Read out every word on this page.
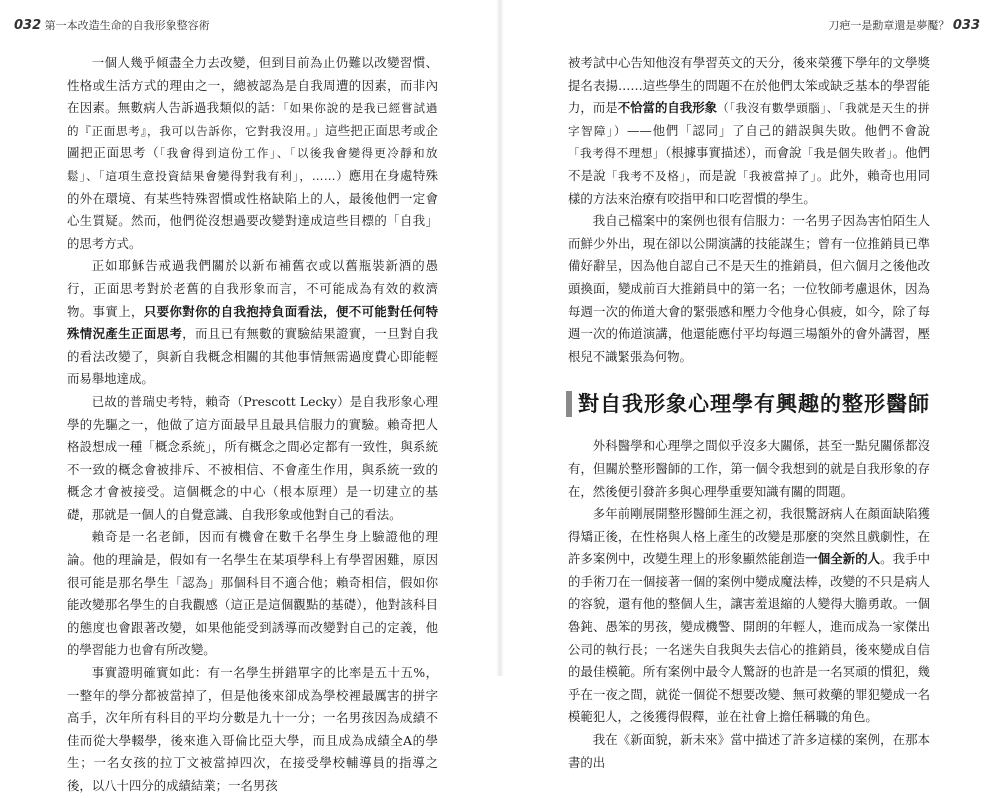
032 第一本改造生命的自我形象整容術

一個人幾乎傾盡全力去改變，但到目前為止仍難以改變習慣、性格或生活方式的理由之一，總被認為是自我周遭的因素，而非內在因素。無數病人告訴過我類似的話：「如果你說的是我已經嘗試過的『正面思考』，我可以告訴你，它對我沒用。」這些把正面思考或企圖把正面思考（「我會得到這份工作」、「以後我會變得更冷靜和放鬆」、「這項生意投資結果會變得對我有利」，……）應用在身處特殊的外在環境、有某些特殊習慣或性格缺陷上的人，最後他們一定會心生質疑。然而，他們從沒想過要改變對達成這些目標的「自我」的思考方式。

正如耶穌告戒過我們關於以新布補舊衣或以舊瓶裝新酒的愚行，正面思考對於老舊的自我形象而言，不可能成為有效的救濟物。事實上，只要你對你的自我抱持負面看法，便不可能對任何特殊情況產生正面思考，而且已有無數的實驗結果證實，一旦對自我的看法改變了，與新自我概念相關的其他事情無需過度費心即能輕而易舉地達成。

已故的普瑞史考特，賴奇（Prescott Lecky）是自我形象心理學的先驅之一，他做了這方面最早且最具信服力的實驗。賴奇把人格設想成一種「概念系統」，所有概念之間必定都有一致性，與系統不一致的概念會被排斥、不被相信、不會產生作用，與系統一致的概念才會被接受。這個概念的中心（根本原理）是一切建立的基礎，那就是一個人的自覺意識、自我形象或他對自己的看法。

賴奇是一名老師，因而有機會在數千名學生身上驗證他的理論。他的理論是，假如有一名學生在某項學科上有學習困難，原因很可能是那名學生「認為」那個科目不適合他；賴奇相信，假如你能改變那名學生的自我觀感（這正是這個觀點的基礎），他對該科目的態度也會跟著改變，如果他能受到誘導而改變對自己的定義，他的學習能力也會有所改變。

事實證明確實如此：有一名學生拼錯單字的比率是五十五%，一整年的學分都被當掉了，但是他後來卻成為學校裡最厲害的拼字高手，次年所有科目的平均分數是九十一分；一名男孩因為成績不佳而從大學輟學，後來進入哥倫比亞大學，而且成為成績全A的學生；一名女孩的拉丁文被當掉四次，在接受學校輔導員的指導之後，以八十四分的成績結業；一名男孩

刀疤一是勳章還是夢魘？ 033

被考試中心告知他沒有學習英文的天分，後來榮獲下學年的文學獎提名表揚……這些學生的問題不在於他們太笨或缺乏基本的學習能力，而是不恰當的自我形象（「我沒有數學頭腦」、「我就是天生的拼字智障」）——他們「認同」了自己的錯誤與失敗。他們不會說「我考得不理想」（根據事實描述），而會說「我是個失敗者」。他們不是說「我考不及格」，而是說「我被當掉了」。此外，賴奇也用同樣的方法來治療有咬指甲和口吃習慣的學生。

我自己檔案中的案例也很有信服力：一名男子因為害怕陌生人而鮮少外出，現在卻以公開演講的技能謀生；曾有一位推銷員已準備好辭呈，因為他自認自己不是天生的推銷員，但六個月之後他改頭換面，變成前百大推銷員中的第一名；一位牧師考慮退休，因為每週一次的佈道大會的緊張感和壓力令他身心俱疲，如今，除了每週一次的佈道演講，他還能應付平均每週三場額外的會外講習，壓根兒不識緊張為何物。

對自我形象心理學有興趣的整形醫師

外科醫學和心理學之間似乎沒多大關係，甚至一點兒關係都沒有，但關於整形醫師的工作，第一個令我想到的就是自我形象的存在，然後便引發許多與心理學重要知識有關的問題。

多年前剛展開整形醫師生涯之初，我很驚訝病人在顏面缺陷獲得矯正後，在性格與人格上產生的改變是那麼的突然且戲劇性，在許多案例中，改變生理上的形象顯然能創造一個全新的人。我手中的手術刀在一個接著一個的案例中變成魔法棒，改變的不只是病人的容貌，還有他的整個人生，讓害羞退縮的人變得大膽勇敢。一個魯鈍、愚笨的男孩，變成機警、開朗的年輕人，進而成為一家傑出公司的執行長；一名迷失自我與失去信心的推銷員，後來變成自信的最佳模範。所有案例中最令人驚訝的也許是一名冥頑的慣犯，幾乎在一夜之間，就從一個從不想要改變、無可救藥的罪犯變成一名模範犯人，之後獲得假釋，並在社會上擔任稱職的角色。

我在《新面貌，新未來》當中描述了許多這樣的案例，在那本書的出
